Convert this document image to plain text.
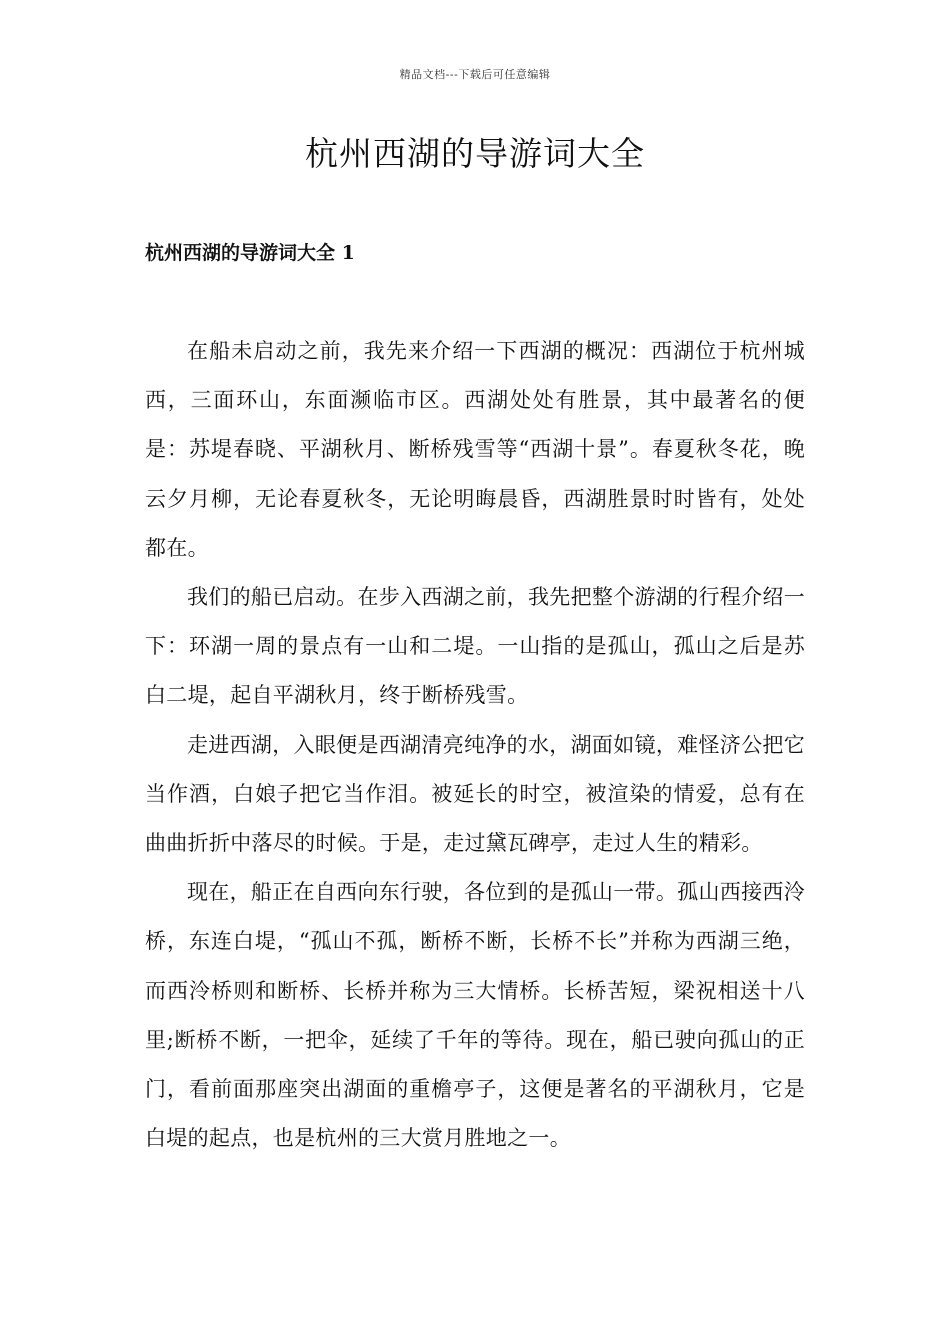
精品文档---下载后可任意编辑
杭州西湖的导游词大全
杭州西湖的导游词大全 1

在船未启动之前，我先来介绍一下西湖的概况：西湖位于杭州城西，三面环山，东面濒临市区。西湖处处有胜景，其中最著名的便是：苏堤春晓、平湖秋月、断桥残雪等“西湖十景”。春夏秋冬花，晚云夕月柳，无论春夏秋冬，无论明晦晨昏，西湖胜景时时皆有，处处都在。

我们的船已启动。在步入西湖之前，我先把整个游湖的行程介绍一下：环湖一周的景点有一山和二堤。一山指的是孤山，孤山之后是苏白二堤，起自平湖秋月，终于断桥残雪。

走进西湖，入眼便是西湖清亮纯净的水，湖面如镜，难怪济公把它当作酒，白娘子把它当作泪。被延长的时空，被渲染的情爱，总有在曲曲折折中落尽的时候。于是，走过黛瓦碑亭，走过人生的精彩。

现在，船正在自西向东行驶，各位到的是孤山一带。孤山西接西泠桥，东连白堤，“孤山不孤，断桥不断，长桥不长”并称为西湖三绝，而西泠桥则和断桥、长桥并称为三大情桥。长桥苦短，梁祝相送十八里;断桥不断，一把伞，延续了千年的等待。现在，船已驶向孤山的正门，看前面那座突出湖面的重檐亭子，这便是著名的平湖秋月，它是白堤的起点，也是杭州的三大赏月胜地之一。
